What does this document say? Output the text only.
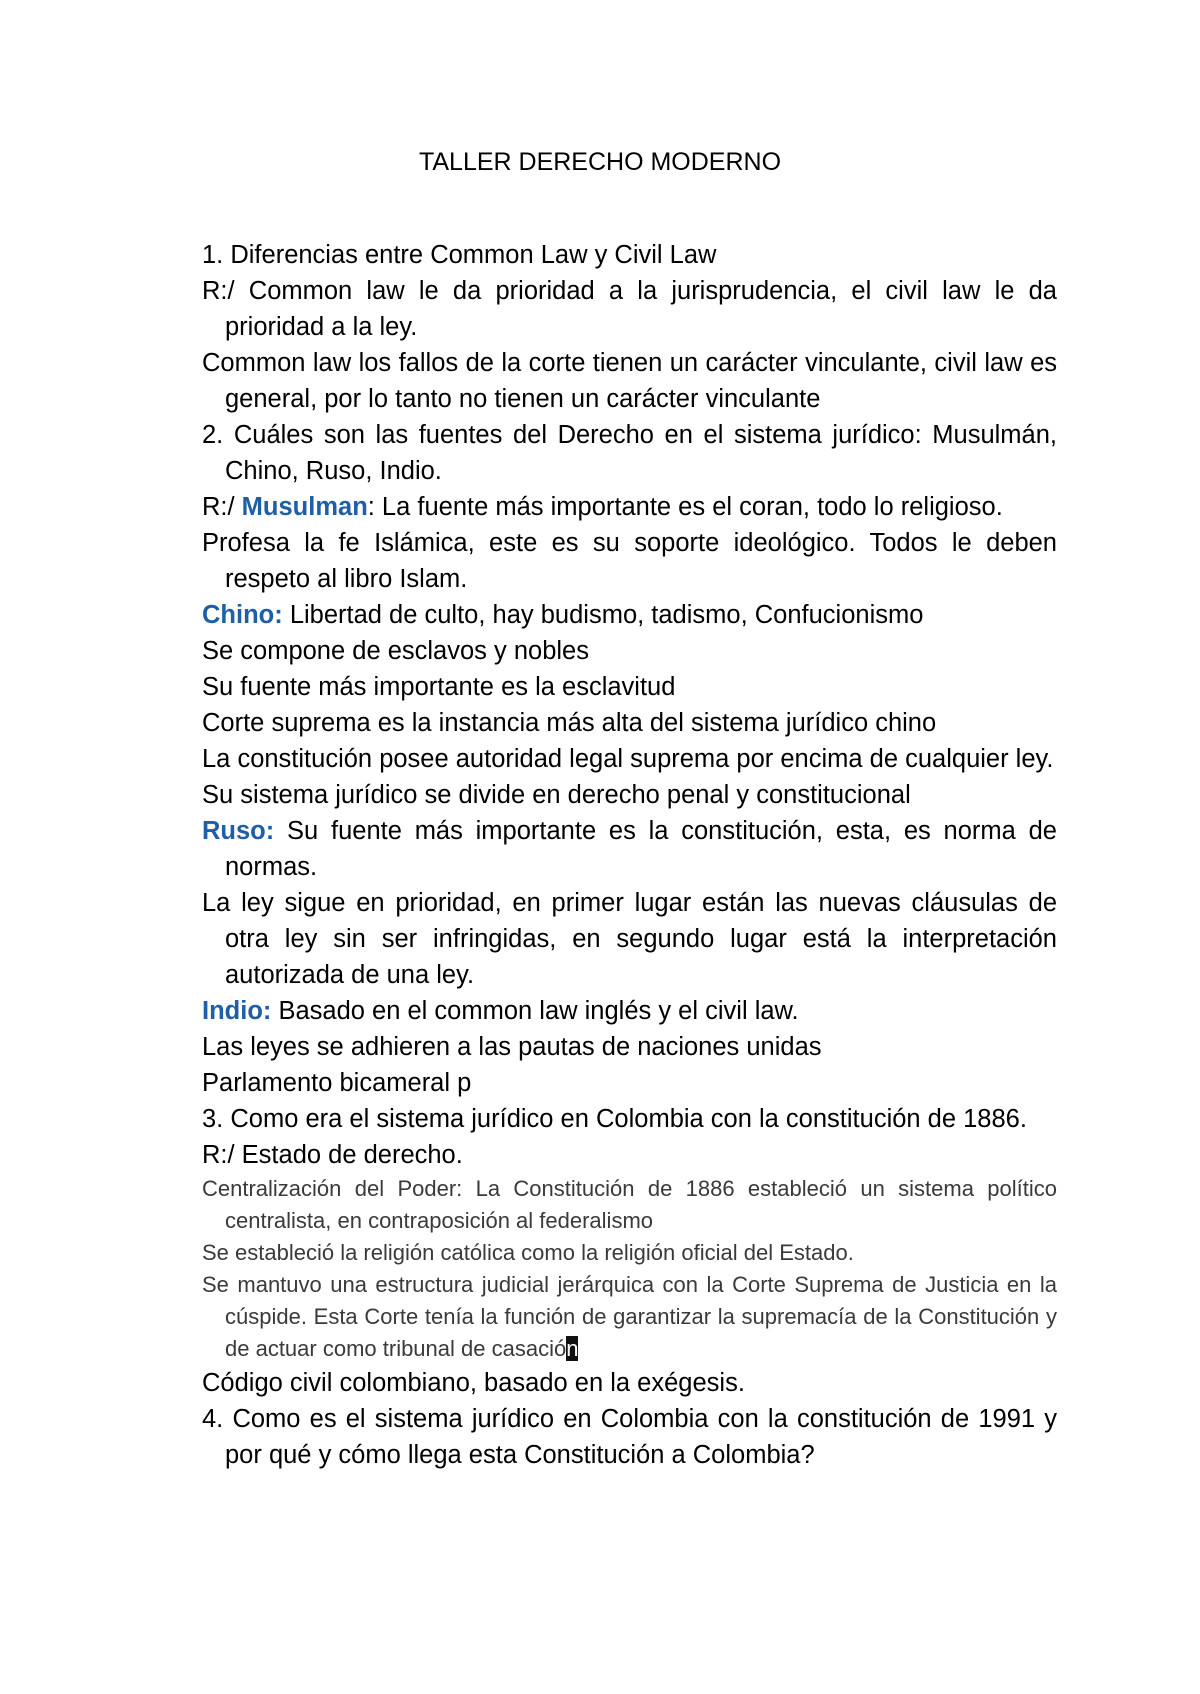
TALLER DERECHO MODERNO

1. Diferencias entre Common Law y Civil Law

R:/ Common law le da prioridad a la jurisprudencia, el civil law le da prioridad a la ley.

Common law los fallos de la corte tienen un carácter vinculante, civil law es general, por lo tanto no tienen un carácter vinculante

2. Cuáles son las fuentes del Derecho en el sistema jurídico: Musulmán, Chino, Ruso, Indio.

R:/ Musulman: La fuente más importante es el coran, todo lo religioso.

Profesa la fe Islámica, este es su soporte ideológico. Todos le deben respeto al libro Islam.

Chino: Libertad de culto, hay budismo, tadismo, Confucionismo

Se compone de esclavos y nobles

Su fuente más importante es la esclavitud

Corte suprema es la instancia más alta del sistema jurídico chino

La constitución posee autoridad legal suprema por encima de cualquier ley.

Su sistema jurídico se divide en derecho penal y constitucional

Ruso: Su fuente más importante es la constitución, esta, es norma de normas.

La ley sigue en prioridad, en primer lugar están las nuevas cláusulas de otra ley sin ser infringidas, en segundo lugar está la interpretación autorizada de una ley.

Indio: Basado en el common law inglés y el civil law.

Las leyes se adhieren a las pautas de naciones unidas

Parlamento bicameral p

3. Como era el sistema jurídico en Colombia con la constitución de 1886.

R:/ Estado de derecho.

Centralización del Poder: La Constitución de 1886 estableció un sistema político centralista, en contraposición al federalismo

Se estableció la religión católica como la religión oficial del Estado.

Se mantuvo una estructura judicial jerárquica con la Corte Suprema de Justicia en la cúspide. Esta Corte tenía la función de garantizar la supremacía de la Constitución y de actuar como tribunal de casación

Código civil colombiano, basado en la exégesis.

4. Como es el sistema jurídico en Colombia con la constitución de 1991 y por qué y cómo llega esta Constitución a Colombia?
